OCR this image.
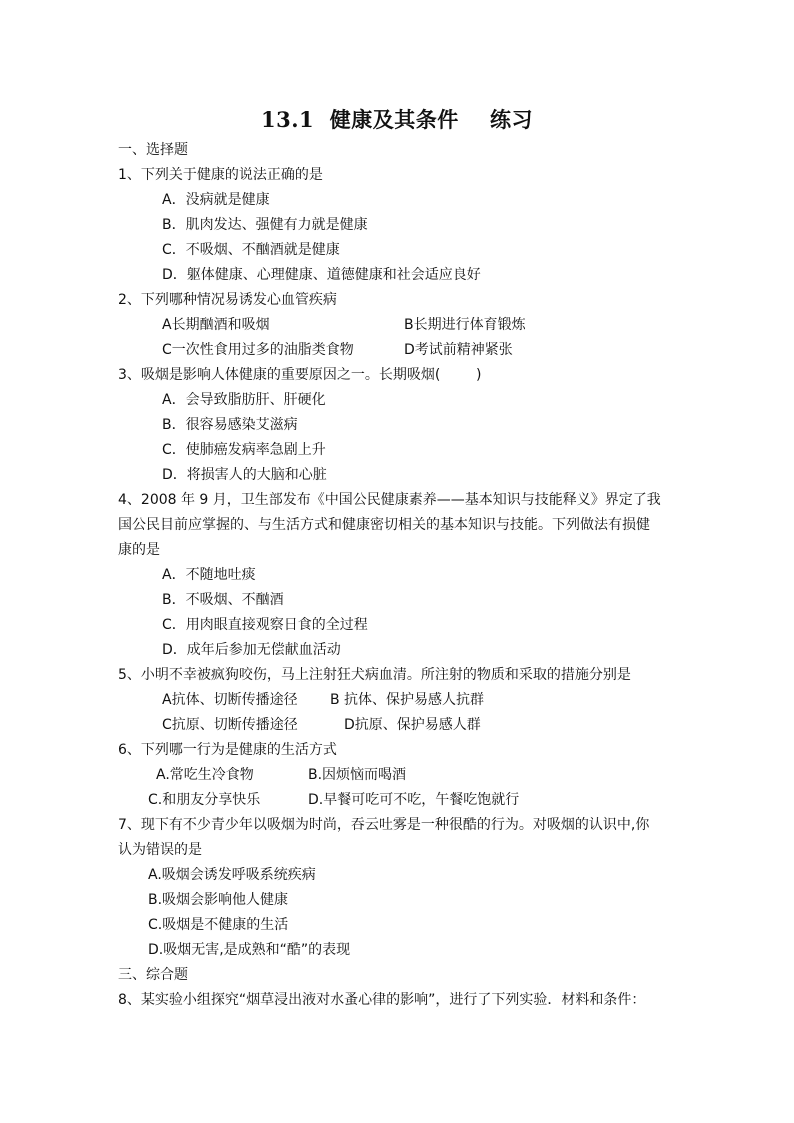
13.1  健康及其条件    练习
一、选择题
1、下列关于健康的说法正确的是
A．没病就是健康
B．肌肉发达、强健有力就是健康
C．不吸烟、不酗酒就是健康
D．躯体健康、心理健康、道德健康和社会适应良好
2、下列哪种情况易诱发心血管疾病
A长期酗酒和吸烟	B长期进行体育锻炼
C一次性食用过多的油脂类食物	D考试前精神紧张
3、吸烟是影响人体健康的重要原因之一。长期吸烟(        )
A．会导致脂肪肝、肝硬化
B．很容易感染艾滋病
C．使肺癌发病率急剧上升
D．将损害人的大脑和心脏
4、2008 年 9 月，卫生部发布《中国公民健康素养——基本知识与技能释义》界定了我
国公民目前应掌握的、与生活方式和健康密切相关的基本知识与技能。下列做法有损健
康的是
A．不随地吐痰
B．不吸烟、不酗酒
C．用肉眼直接观察日食的全过程
D．成年后参加无偿献血活动
5、小明不幸被疯狗咬伤，马上注射狂犬病血清。所注射的物质和采取的措施分别是
A抗体、切断传播途径 B 抗体、保护易感人抗群
C抗原、切断传播途径	D抗原、保护易感人群
6、下列哪一行为是健康的生活方式
A.常吃生冷食物	B.因烦恼而喝酒
C.和朋友分享快乐	D.早餐可吃可不吃，午餐吃饱就行
7、现下有不少青少年以吸烟为时尚，吞云吐雾是一种很酷的行为。对吸烟的认识中,你
认为错误的是
A.吸烟会诱发呼吸系统疾病
B.吸烟会影响他人健康
C.吸烟是不健康的生活
D.吸烟无害,是成熟和“酷”的表现
三、综合题
8、某实验小组探究“烟草浸出液对水蚤心律的影响”，进行了下列实验．材料和条件：
